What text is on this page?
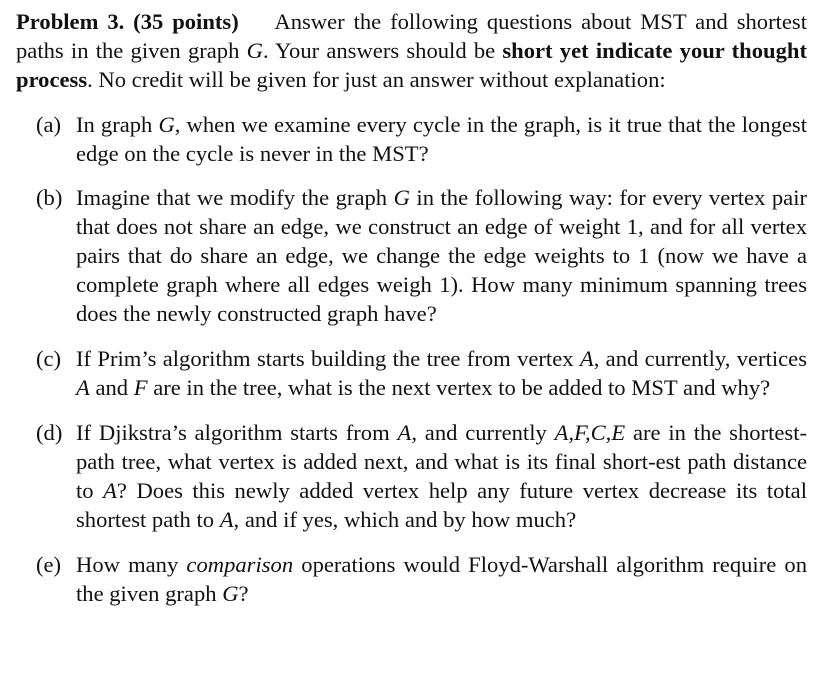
Problem 3. (35 points) Answer the following questions about MST and shortest paths in the given graph G. Your answers should be short yet indicate your thought process. No credit will be given for just an answer without explanation:

(a) In graph G, when we examine every cycle in the graph, is it true that the longest edge on the cycle is never in the MST?
(b) Imagine that we modify the graph G in the following way: for every vertex pair that does not share an edge, we construct an edge of weight 1, and for all vertex pairs that do share an edge, we change the edge weights to 1 (now we have a complete graph where all edges weigh 1). How many minimum spanning trees does the newly constructed graph have?
(c) If Prim’s algorithm starts building the tree from vertex A, and currently, vertices A and F are in the tree, what is the next vertex to be added to MST and why?
(d) If Djikstra’s algorithm starts from A, and currently A,F,C,E are in the shortest-path tree, what vertex is added next, and what is its final short-est path distance to A? Does this newly added vertex help any future vertex decrease its total shortest path to A, and if yes, which and by how much?
(e) How many comparison operations would Floyd-Warshall algorithm require on the given graph G?
